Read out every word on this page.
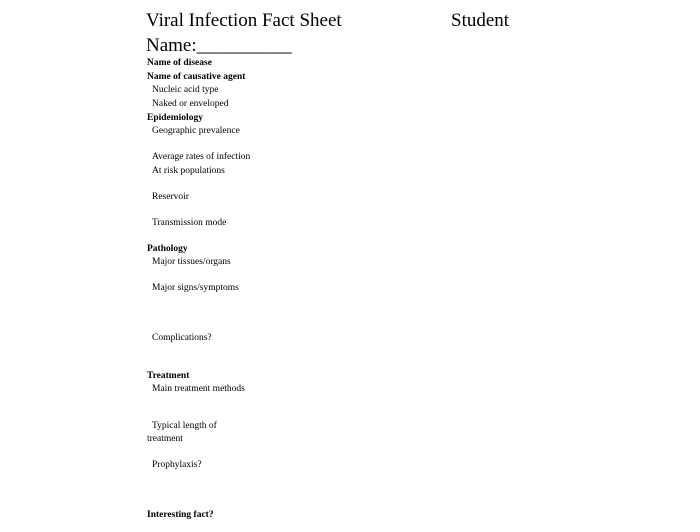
Viral Infection Fact Sheet	Student
Name:__________
Name of disease
Name of causative agent
Nucleic acid type
Naked or enveloped
Epidemiology
Geographic prevalence
Average rates of infection
At risk populations
Reservoir
Transmission mode
Pathology
Major tissues/organs
Major signs/symptoms
Complications?
Treatment
Main treatment methods
Typical length of
treatment
Prophylaxis?
Interesting fact?
